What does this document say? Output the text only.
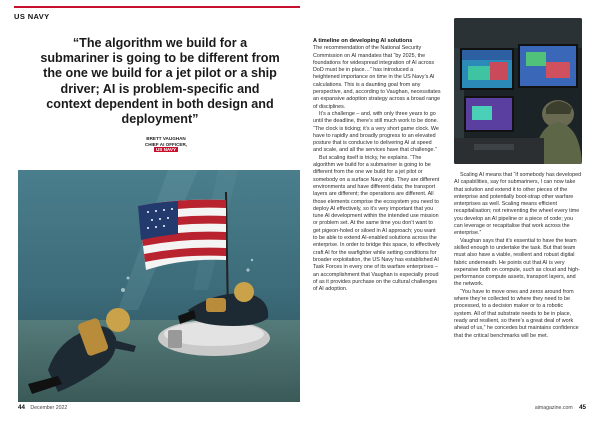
US NAVY
“The algorithm we build for a submariner is going to be different from the one we build for a jet pilot or a ship driver; AI is problem-specific and context dependent in both design and deployment”
BRETT VAUGHAN
CHIEF AI OFFICER,
US NAVY
A timeline on developing AI solutions

The recommendation of the National Security Commission on AI mandates that “by 2025, the foundations for widespread integration of AI across DoD must be in place…” has introduced a heightened importance on time in the US Navy’s AI calculations. This is a daunting goal from any perspective, and, according to Vaughan, necessitates an expansive adoption strategy across a broad range of disciplines.

It’s a challenge – and, with only three years to go until the deadline, there’s still much work to be done. “The clock is ticking; it’s a very short game clock. We have to rapidly and broadly progress to an elevated posture that is conducive to delivering AI at speed and scale, and all the services have that challenge.”

But scaling itself is tricky, he explains. “The algorithm we build for a submariner is going to be different from the one we build for a jet pilot or somebody on a surface Navy ship. They are different environments and have different data; the transport layers are different; the operations are different. All those elements comprise the ecosystem you need to deploy AI effectively, so it’s very important that you tune AI development within the intended use mission or problem set. At the same time you don’t want to get pigeon-holed or siloed in AI approach; you want to be able to extend AI-enabled solutions across the enterprise. In order to bridge this space, to effectively craft AI for the warfighter while setting conditions for broader exploitation, the US Navy has established AI Task Forces in every one of its warfare enterprises – an accomplishment that Vaughan is especially proud of as it provides purchase on the cultural challenges of AI adoption.

Scaling AI means that “if somebody has developed AI capabilities, say for submariners, I can now take that solution and extend it to other pieces of the enterprise and potentially boot-strap other warfare enterprises as well. Scaling means efficient recapitalisation; not reinventing the wheel every time you develop an AI pipeline or a piece of code; you can leverage or recapitalise that work across the enterprise.”

Vaughan says that it’s essential to have the team skilled enough to undertake the task. But that team must also have a viable, resilient and robust digital fabric underneath. He points out that AI is very expensive both on compute, such as cloud and high-performance compute assets, transport layers, and the network.

“You have to move ones and zeros around from where they’re collected to where they need to be processed, to a decision maker or to a robotic system. All of that substrate needs to be in place, ready and resilient, so there’s a great deal of work ahead of us,” he concedes but maintains confidence that the critical benchmarks will be met.

44 December 2022	aimagazine.com 45
